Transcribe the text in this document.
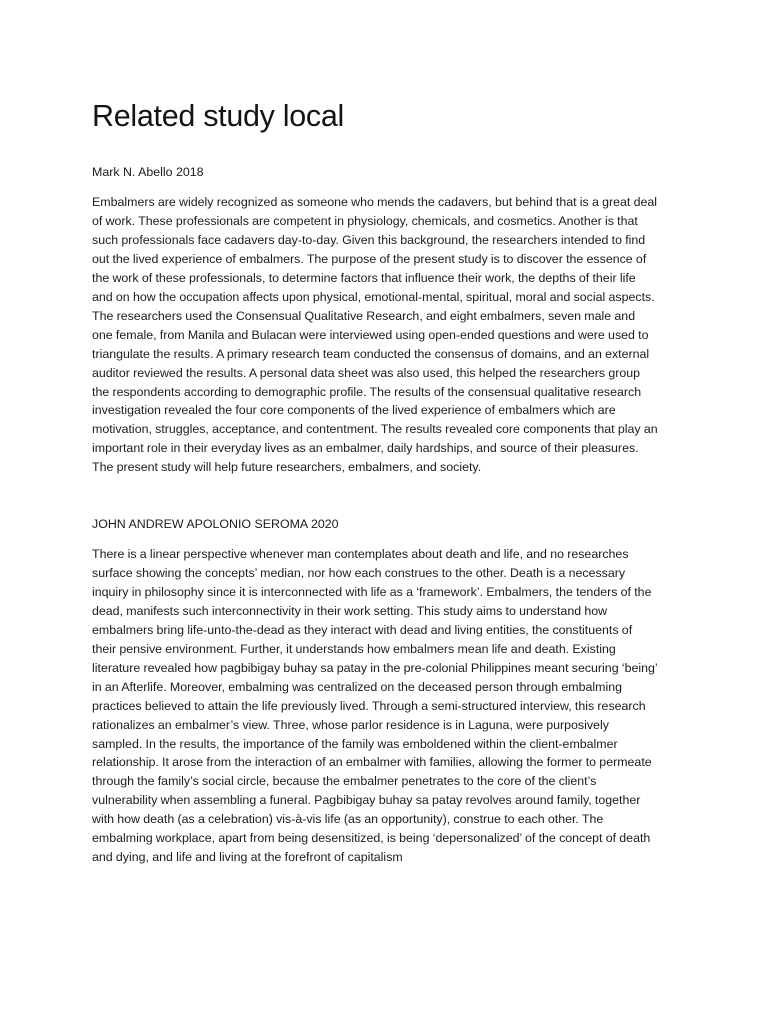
Related study local

Mark N. Abello 2018

Embalmers are widely recognized as someone who mends the cadavers, but behind that is a great deal of work. These professionals are competent in physiology, chemicals, and cosmetics. Another is that such professionals face cadavers day-to-day. Given this background, the researchers intended to find out the lived experience of embalmers. The purpose of the present study is to discover the essence of the work of these professionals, to determine factors that influence their work, the depths of their life and on how the occupation affects upon physical, emotional-mental, spiritual, moral and social aspects. The researchers used the Consensual Qualitative Research, and eight embalmers, seven male and one female, from Manila and Bulacan were interviewed using open-ended questions and were used to triangulate the results. A primary research team conducted the consensus of domains, and an external auditor reviewed the results. A personal data sheet was also used, this helped the researchers group the respondents according to demographic profile. The results of the consensual qualitative research investigation revealed the four core components of the lived experience of embalmers which are motivation, struggles, acceptance, and contentment. The results revealed core components that play an important role in their everyday lives as an embalmer, daily hardships, and source of their pleasures. The present study will help future researchers, embalmers, and society.

JOHN ANDREW APOLONIO SEROMA 2020

There is a linear perspective whenever man contemplates about death and life, and no researches surface showing the concepts’ median, nor how each construes to the other. Death is a necessary inquiry in philosophy since it is interconnected with life as a ‘framework’. Embalmers, the tenders of the dead, manifests such interconnectivity in their work setting. This study aims to understand how embalmers bring life-unto-the-dead as they interact with dead and living entities, the constituents of their pensive environment. Further, it understands how embalmers mean life and death. Existing literature revealed how pagbibigay buhay sa patay in the pre-colonial Philippines meant securing ‘being’ in an Afterlife. Moreover, embalming was centralized on the deceased person through embalming practices believed to attain the life previously lived. Through a semi-structured interview, this research rationalizes an embalmer’s view. Three, whose parlor residence is in Laguna, were purposively sampled. In the results, the importance of the family was emboldened within the client-embalmer relationship. It arose from the interaction of an embalmer with families, allowing the former to permeate through the family’s social circle, because the embalmer penetrates to the core of the client’s vulnerability when assembling a funeral. Pagbibigay buhay sa patay revolves around family, together with how death (as a celebration) vis-à-vis life (as an opportunity), construe to each other. The embalming workplace, apart from being desensitized, is being ‘depersonalized’ of the concept of death and dying, and life and living at the forefront of capitalism
